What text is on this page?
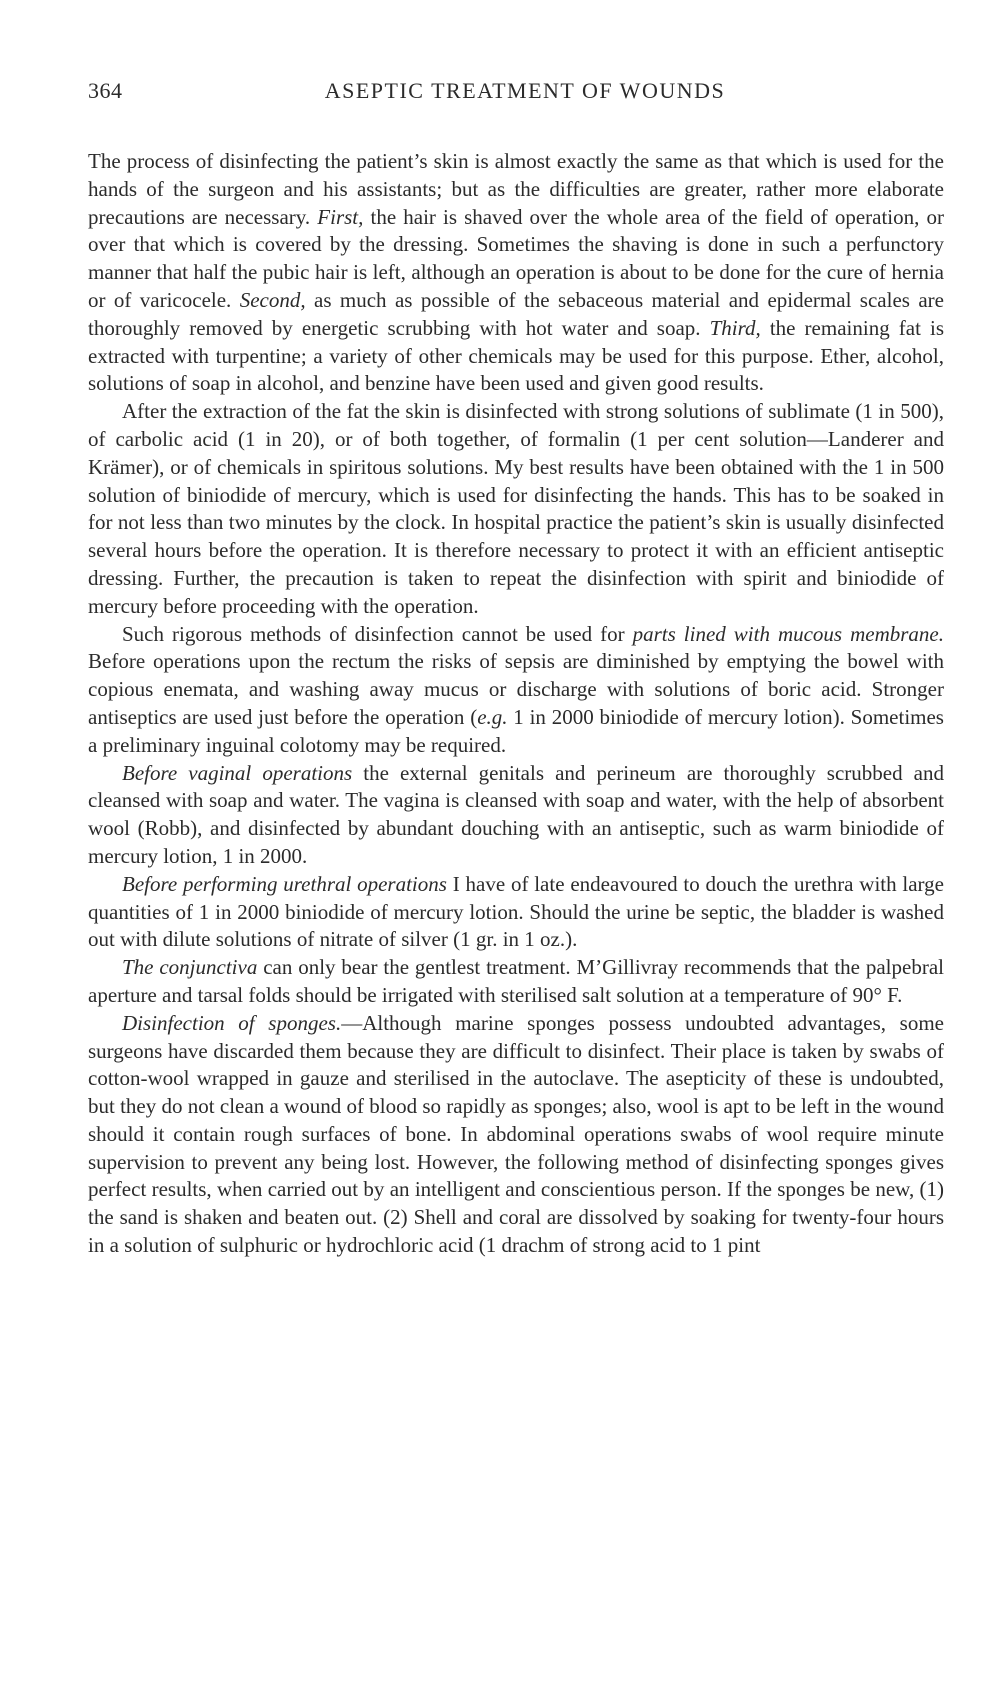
364	ASEPTIC TREATMENT OF WOUNDS

The process of disinfecting the patient’s skin is almost exactly the same as that which is used for the hands of the surgeon and his assistants; but as the difficulties are greater, rather more elaborate precautions are necessary. First, the hair is shaved over the whole area of the field of operation, or over that which is covered by the dressing. Sometimes the shaving is done in such a perfunctory manner that half the pubic hair is left, although an operation is about to be done for the cure of hernia or of varicocele. Second, as much as possible of the sebaceous material and epidermal scales are thoroughly removed by energetic scrubbing with hot water and soap. Third, the remaining fat is extracted with turpentine; a variety of other chemicals may be used for this purpose. Ether, alcohol, solutions of soap in alcohol, and benzine have been used and given good results.

After the extraction of the fat the skin is disinfected with strong solutions of sublimate (1 in 500), of carbolic acid (1 in 20), or of both together, of formalin (1 per cent solution—Landerer and Krämer), or of chemicals in spiritous solutions. My best results have been obtained with the 1 in 500 solution of biniodide of mercury, which is used for disinfecting the hands. This has to be soaked in for not less than two minutes by the clock. In hospital practice the patient’s skin is usually disinfected several hours before the operation. It is therefore necessary to protect it with an efficient antiseptic dressing. Further, the precaution is taken to repeat the disinfection with spirit and biniodide of mercury before proceeding with the operation.

Such rigorous methods of disinfection cannot be used for parts lined with mucous membrane. Before operations upon the rectum the risks of sepsis are diminished by emptying the bowel with copious enemata, and washing away mucus or discharge with solutions of boric acid. Stronger antiseptics are used just before the operation (e.g. 1 in 2000 biniodide of mercury lotion). Sometimes a preliminary inguinal colotomy may be required.

Before vaginal operations the external genitals and perineum are thoroughly scrubbed and cleansed with soap and water. The vagina is cleansed with soap and water, with the help of absorbent wool (Robb), and disinfected by abundant douching with an antiseptic, such as warm biniodide of mercury lotion, 1 in 2000.

Before performing urethral operations I have of late endeavoured to douch the urethra with large quantities of 1 in 2000 biniodide of mercury lotion. Should the urine be septic, the bladder is washed out with dilute solutions of nitrate of silver (1 gr. in 1 oz.).

The conjunctiva can only bear the gentlest treatment. M’Gillivray recommends that the palpebral aperture and tarsal folds should be irrigated with sterilised salt solution at a temperature of 90° F.

Disinfection of sponges.—Although marine sponges possess undoubted advantages, some surgeons have discarded them because they are difficult to disinfect. Their place is taken by swabs of cotton-wool wrapped in gauze and sterilised in the autoclave. The asepticity of these is undoubted, but they do not clean a wound of blood so rapidly as sponges; also, wool is apt to be left in the wound should it contain rough surfaces of bone. In abdominal operations swabs of wool require minute supervision to prevent any being lost. However, the following method of disinfecting sponges gives perfect results, when carried out by an intelligent and conscientious person. If the sponges be new, (1) the sand is shaken and beaten out. (2) Shell and coral are dissolved by soaking for twenty-four hours in a solution of sulphuric or hydrochloric acid (1 drachm of strong acid to 1 pint
